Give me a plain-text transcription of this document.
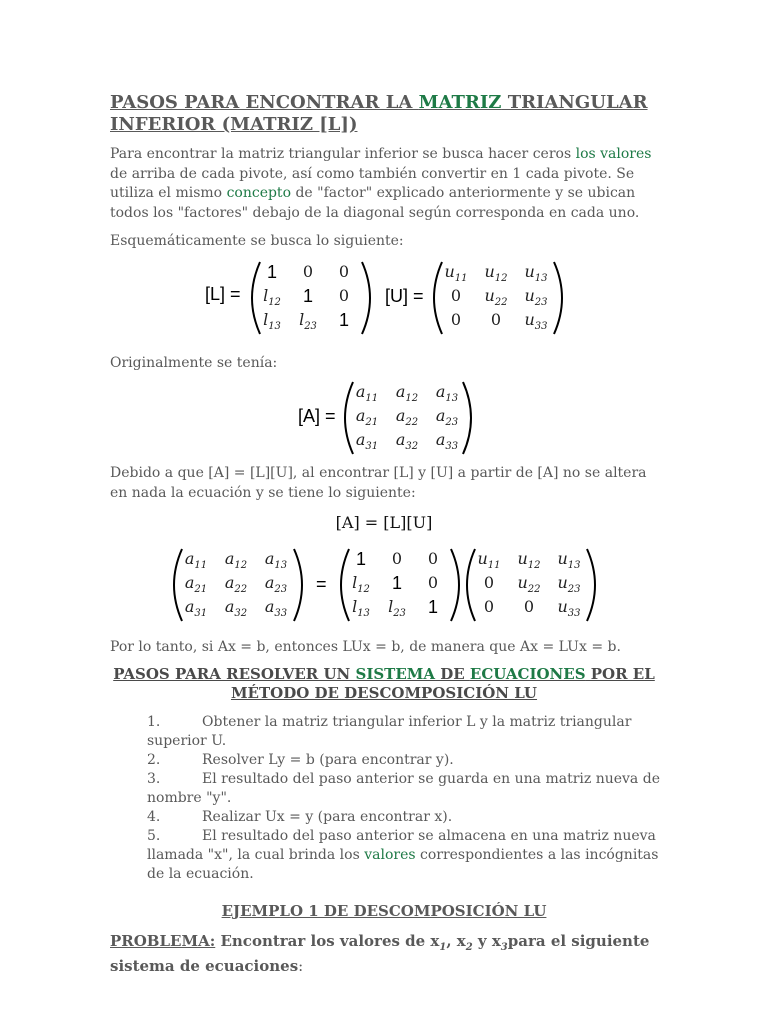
PASOS PARA ENCONTRAR LA MATRIZ TRIANGULAR INFERIOR (MATRIZ [L])
Para encontrar la matriz triangular inferior se busca hacer ceros los valores de arriba de cada pivote, así como también convertir en 1 cada pivote. Se utiliza el mismo concepto de "factor" explicado anteriormente y se ubican todos los "factores" debajo de la diagonal según corresponda en cada uno.
Esquemáticamente se busca lo siguiente:
[L] =
1	0	0
$l_{12}$	1	0
$l_{13}$	$l_{23}$	1
[U] =
$u_{11}$	$u_{12}$	$u_{13}$
0	$u_{22}$	$u_{23}$
0	0	$u_{33}$
Originalmente se tenía:
[A] =
$a_{11}$	$a_{12}$	$a_{13}$
$a_{21}$	$a_{22}$	$a_{23}$
$a_{31}$	$a_{32}$	$a_{33}$
Debido a que [A] = [L][U], al encontrar [L] y [U] a partir de [A] no se altera en nada la ecuación y se tiene lo siguiente:
[A] = [L][U]
$a_{11}$	$a_{12}$	$a_{13}$
$a_{21}$	$a_{22}$	$a_{23}$
$a_{31}$	$a_{32}$	$a_{33}$
=
1	0	0
$l_{12}$	1	0
$l_{13}$	$l_{23}$	1
$u_{11}$	$u_{12}$	$u_{13}$
0	$u_{22}$	$u_{23}$
0	0	$u_{33}$
Por lo tanto, si Ax = b, entonces LUx = b, de manera que Ax = LUx = b.
PASOS PARA RESOLVER UN SISTEMA DE ECUACIONES POR EL MÉTODO DE DESCOMPOSICIÓN LU
1.	Obtener la matriz triangular inferior L y la matriz triangular superior U.
2.	Resolver Ly = b (para encontrar y).
3.	El resultado del paso anterior se guarda en una matriz nueva de nombre "y".
4.	Realizar Ux = y (para encontrar x).
5.	El resultado del paso anterior se almacena en una matriz nueva llamada "x", la cual brinda los valores correspondientes a las incógnitas de la ecuación.
EJEMPLO 1 DE DESCOMPOSICIÓN LU
PROBLEMA: Encontrar los valores de $x_1$, $x_2$ y $x_3para$ el siguiente sistema de ecuaciones:
